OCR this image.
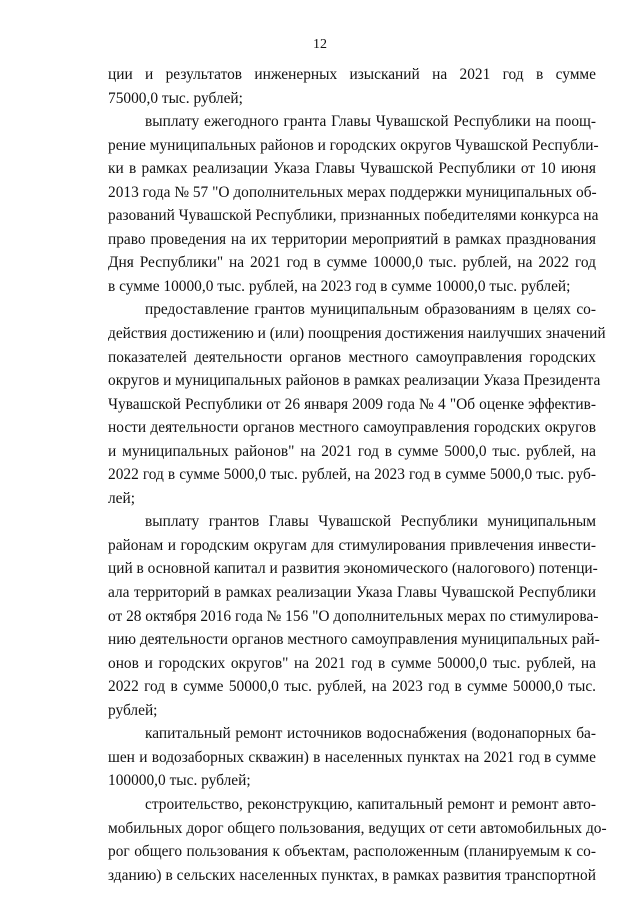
12
ции и результатов инженерных изысканий на 2021 год в сумме
75000,0 тыс. рублей;
выплату ежегодного гранта Главы Чувашской Республики на поощ-
рение муниципальных районов и городских округов Чувашской Республи-
ки в рамках реализации Указа Главы Чувашской Республики от 10 июня
2013 года № 57 "О дополнительных мерах поддержки муниципальных об-
разований Чувашской Республики, признанных победителями конкурса на
право проведения на их территории мероприятий в рамках празднования
Дня Республики" на 2021 год в сумме 10000,0 тыс. рублей, на 2022 год
в сумме 10000,0 тыс. рублей, на 2023 год в сумме 10000,0 тыс. рублей;
предоставление грантов муниципальным образованиям в целях со-
действия достижению и (или) поощрения достижения наилучших значений
показателей деятельности органов местного самоуправления городских
округов и муниципальных районов в рамках реализации Указа Президента
Чувашской Республики от 26 января 2009 года № 4 "Об оценке эффектив-
ности деятельности органов местного самоуправления городских округов
и муниципальных районов" на 2021 год в сумме 5000,0 тыс. рублей, на
2022 год в сумме 5000,0 тыс. рублей, на 2023 год в сумме 5000,0 тыс. руб-
лей;
выплату грантов Главы Чувашской Республики муниципальным
районам и городским округам для стимулирования привлечения инвести-
ций в основной капитал и развития экономического (налогового) потенци-
ала территорий в рамках реализации Указа Главы Чувашской Республики
от 28 октября 2016 года № 156 "О дополнительных мерах по стимулирова-
нию деятельности органов местного самоуправления муниципальных рай-
онов и городских округов" на 2021 год в сумме 50000,0 тыс. рублей, на
2022 год в сумме 50000,0 тыс. рублей, на 2023 год в сумме 50000,0 тыс.
рублей;
капитальный ремонт источников водоснабжения (водонапорных ба-
шен и водозаборных скважин) в населенных пунктах на 2021 год в сумме
100000,0 тыс. рублей;
строительство, реконструкцию, капитальный ремонт и ремонт авто-
мобильных дорог общего пользования, ведущих от сети автомобильных до-
рог общего пользования к объектам, расположенным (планируемым к со-
зданию) в сельских населенных пунктах, в рамках развития транспортной
